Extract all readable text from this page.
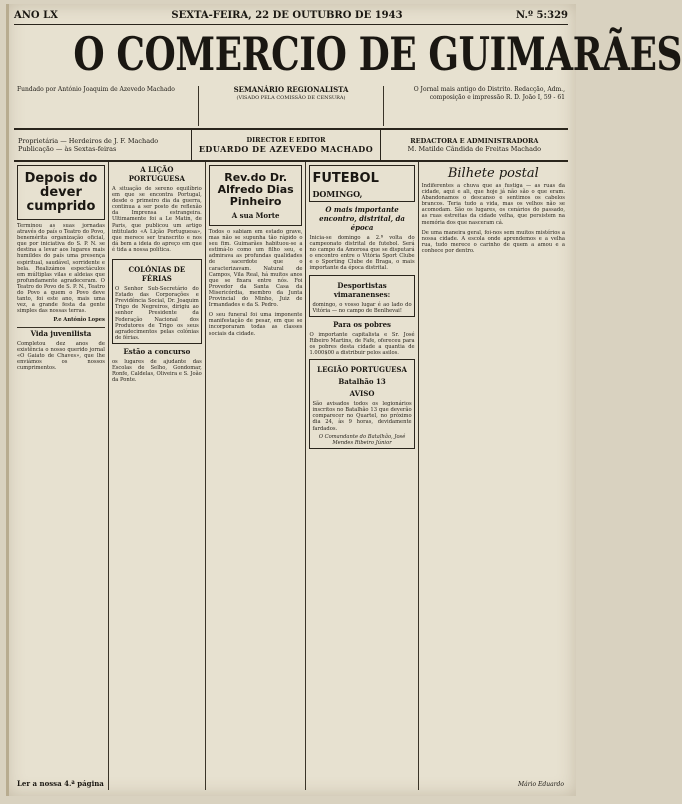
ANO LX	SEXTA-FEIRA, 22 DE OUTUBRO DE 1943	N.º 5:329
O COMERCIO DE GUIMARÃES
Fundado por António Joaquim de Azevedo Machado	SEMANÁRIO REGIONALISTA
(VISADO PELA COMISSÃO DE CENSURA)
O Jornal mais antigo do Distrito. Redacção, Adm., composição e impressão R. D. João I, 59 - 61
Proprietária — Herdeiros de J. F. Machado
Publicação — às Sextas-feiras
DIRECTOR E EDITOR
EDUARDO DE AZEVEDO MACHADO
REDACTORA E ADMINISTRADORA
M. Matilde Cândida de Freitas Machado
Depois do dever cumprido

Terminou as suas jornadas através do país o Teatro do Povo, benemérita organização oficial, que por iniciativa do S. P. N. se destina a levar aos lugares mais humildes do país uma presença espiritual, saudável, sorridente e bela. Realizámos espectáculos em múltiplas vilas e aldeias que profundamente agradeceram. O Teatro do Povo de S. P. N., Teatro do Povo a quem o Povo deve tanto, foi este ano, mais uma vez, a grande festa da gente simples das nossas terras.

P.e António Lopes

Vida juvenilista

Completou dez anos de existência o nosso querido jornal «O Gaiato de Chaves», que lhe enviámos os nossos cumprimentos.

Ler a nossa 4.ª página
A LIÇÃO PORTUGUESA

A situação de sereno equilíbrio em que se encontra Portugal, desde o primeiro dia da guerra, continua a ser posto de reflexão da Imprensa estrangeira. Ultimamente foi a Le Matin, de Paris, que publicou um artigo intitulado «A Lição Portuguesa», que merece ser transcrito e nos dá bem a ideia do apreço em que é tida a nossa política.

COLÓNIAS DE FÉRIAS

O Senhor Sub-Secretário do Estado das Corporações e Previdência Social, Dr. Joaquim Trigo de Negreiros, dirigiu ao senhor Presidente da Federação Nacional dos Produtores de Trigo os seus agradecimentos pelas colónias de férias.

Estão a concurso

os lugares de ajudante das Escolas de Selho, Gondomar, Ronfe, Caldelas, Oliveira e S. João da Ponte.

Rev.do Dr. Alfredo Dias Pinheiro
A sua Morte

Todos o sabiam em estado grave, mas não se supunha tão rápido o seu fim. Guimarães habituou-se a estimá-lo como um filho seu, e admirava as profundas qualidades de sacerdote que o caracterizavam. Natural de Campos, Vila Real, há muitos anos que se fixara entre nós. Foi Provedor da Santa Casa da Misericórdia, membro da Junta Provincial do Minho, Juiz de Irmandades e da S. Pedro.

O seu funeral foi uma imponente manifestação de pesar, em que se incorporaram todas as classes sociais da cidade.

FUTEBOL
DOMINGO,
O mais importante encontro, distrital, da época

Inicia-se domingo a 2.ª volta do campeonato distrital de futebol. Será no campo da Amorosa que se disputará o encontro entre o Vitória Sport Clube e o Sporting Clube de Braga, o mais importante da época distrital.

Desportistas vimaranenses:

domingo, o vosso lugar é ao lado do Vitória — no campo de Benlhevai!

Para os pobres

O importante capitalista e Sr. José Ribeiro Martins, de Fafe, ofereceu para os pobres desta cidade a quantia de 1.000$00 a distribuir pelos asilos.

LEGIÃO PORTUGUESA
Batalhão 13
AVISO

São avisados todos os legionários inscritos no Batalhão 13 que deverão comparecer no Quartel, no próximo dia 24, às 9 horas, devidamente fardados.

O Comandante do Batalhão, José Mendes Ribeiro Júnior

Bilhete postal

Indiferentes a chuva que as fustiga — as ruas da cidade, aqui e ali, que hoje já não são o que eram. Abandonamos o descanso e sentimos os cabelos brancos. Teria tudo a vida, mas os velhos não se acomodam. São os lugares, os cenários do passado, as ruas estreitas da cidade velha, que persistem na memória dos que nasceram cá.

De uma maneira geral, foi-nos sem muitos mistérios a nossa cidade. A escola onde aprendemos e a velha rua, tudo merece o carinho de quem a amou e a conhece por dentro.

Mário Eduardo
